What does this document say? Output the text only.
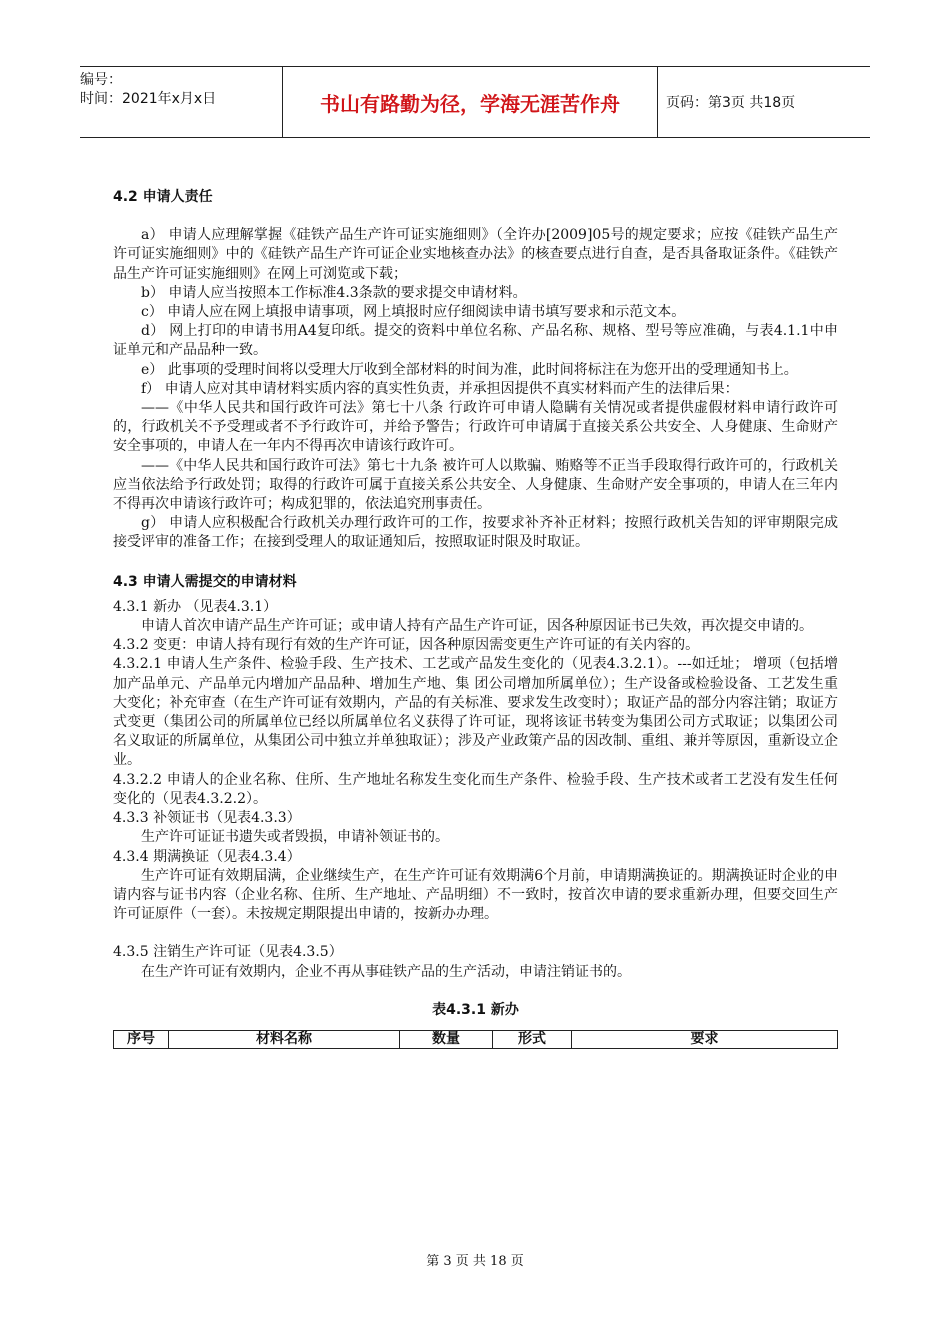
编号：
时间：2021年x月x日	书山有路勤为径，学海无涯苦作舟	页码：第3页 共18页

4.2 申请人责任

a） 申请人应理解掌握《硅铁产品生产许可证实施细则》（全许办[2009]05号的规定要求；应按《硅铁产品生产许可证实施细则》中的《硅铁产品生产许可证企业实地核查办法》的核查要点进行自查，是否具备取证条件。《硅铁产品生产许可证实施细则》在网上可浏览或下载；

b） 申请人应当按照本工作标准4.3条款的要求提交申请材料。

c） 申请人应在网上填报申请事项，网上填报时应仔细阅读申请书填写要求和示范文本。

d） 网上打印的申请书用A4复印纸。提交的资料中单位名称、产品名称、规格、型号等应准确，与表4.1.1中申证单元和产品品种一致。

e） 此事项的受理时间将以受理大厅收到全部材料的时间为准，此时间将标注在为您开出的受理通知书上。

f） 申请人应对其申请材料实质内容的真实性负责，并承担因提供不真实材料而产生的法律后果：

——《中华人民共和国行政许可法》第七十八条 行政许可申请人隐瞒有关情况或者提供虚假材料申请行政许可的，行政机关不予受理或者不予行政许可，并给予警告；行政许可申请属于直接关系公共安全、人身健康、生命财产安全事项的，申请人在一年内不得再次申请该行政许可。

——《中华人民共和国行政许可法》第七十九条 被许可人以欺骗、贿赂等不正当手段取得行政许可的，行政机关应当依法给予行政处罚；取得的行政许可属于直接关系公共安全、人身健康、生命财产安全事项的，申请人在三年内不得再次申请该行政许可；构成犯罪的，依法追究刑事责任。

g） 申请人应积极配合行政机关办理行政许可的工作，按要求补齐补正材料；按照行政机关告知的评审期限完成接受评审的准备工作；在接到受理人的取证通知后，按照取证时限及时取证。

4.3 申请人需提交的申请材料

4.3.1 新办 （见表4.3.1）

申请人首次申请产品生产许可证；或申请人持有产品生产许可证，因各种原因证书已失效，再次提交申请的。

4.3.2 变更：申请人持有现行有效的生产许可证，因各种原因需变更生产许可证的有关内容的。

4.3.2.1 申请人生产条件、检验手段、生产技术、工艺或产品发生变化的（见表4.3.2.1）。---如迁址； 增项（包括增加产品单元、产品单元内增加产品品种、增加生产地、集 团公司增加所属单位）；生产设备或检验设备、工艺发生重大变化；补充审查（在生产许可证有效期内，产品的有关标准、要求发生改变时）；取证产品的部分内容注销；取证方式变更（集团公司的所属单位已经以所属单位名义获得了许可证，现将该证书转变为集团公司方式取证；以集团公司名义取证的所属单位，从集团公司中独立并单独取证）；涉及产业政策产品的因改制、重组、兼并等原因，重新设立企业。

4.3.2.2 申请人的企业名称、住所、生产地址名称发生变化而生产条件、检验手段、生产技术或者工艺没有发生任何变化的（见表4.3.2.2）。

4.3.3 补领证书（见表4.3.3）

生产许可证证书遗失或者毁损，申请补领证书的。

4.3.4 期满换证（见表4.3.4）

生产许可证有效期届满，企业继续生产，在生产许可证有效期满6个月前，申请期满换证的。期满换证时企业的申请内容与证书内容（企业名称、住所、生产地址、产品明细）不一致时，按首次申请的要求重新办理，但要交回生产许可证原件（一套）。未按规定期限提出申请的，按新办办理。

4.3.5 注销生产许可证（见表4.3.5）

在生产许可证有效期内，企业不再从事硅铁产品的生产活动，申请注销证书的。

表4.3.1 新办

序号	材料名称	数量	形式	要求
第 3 页 共 18 页
